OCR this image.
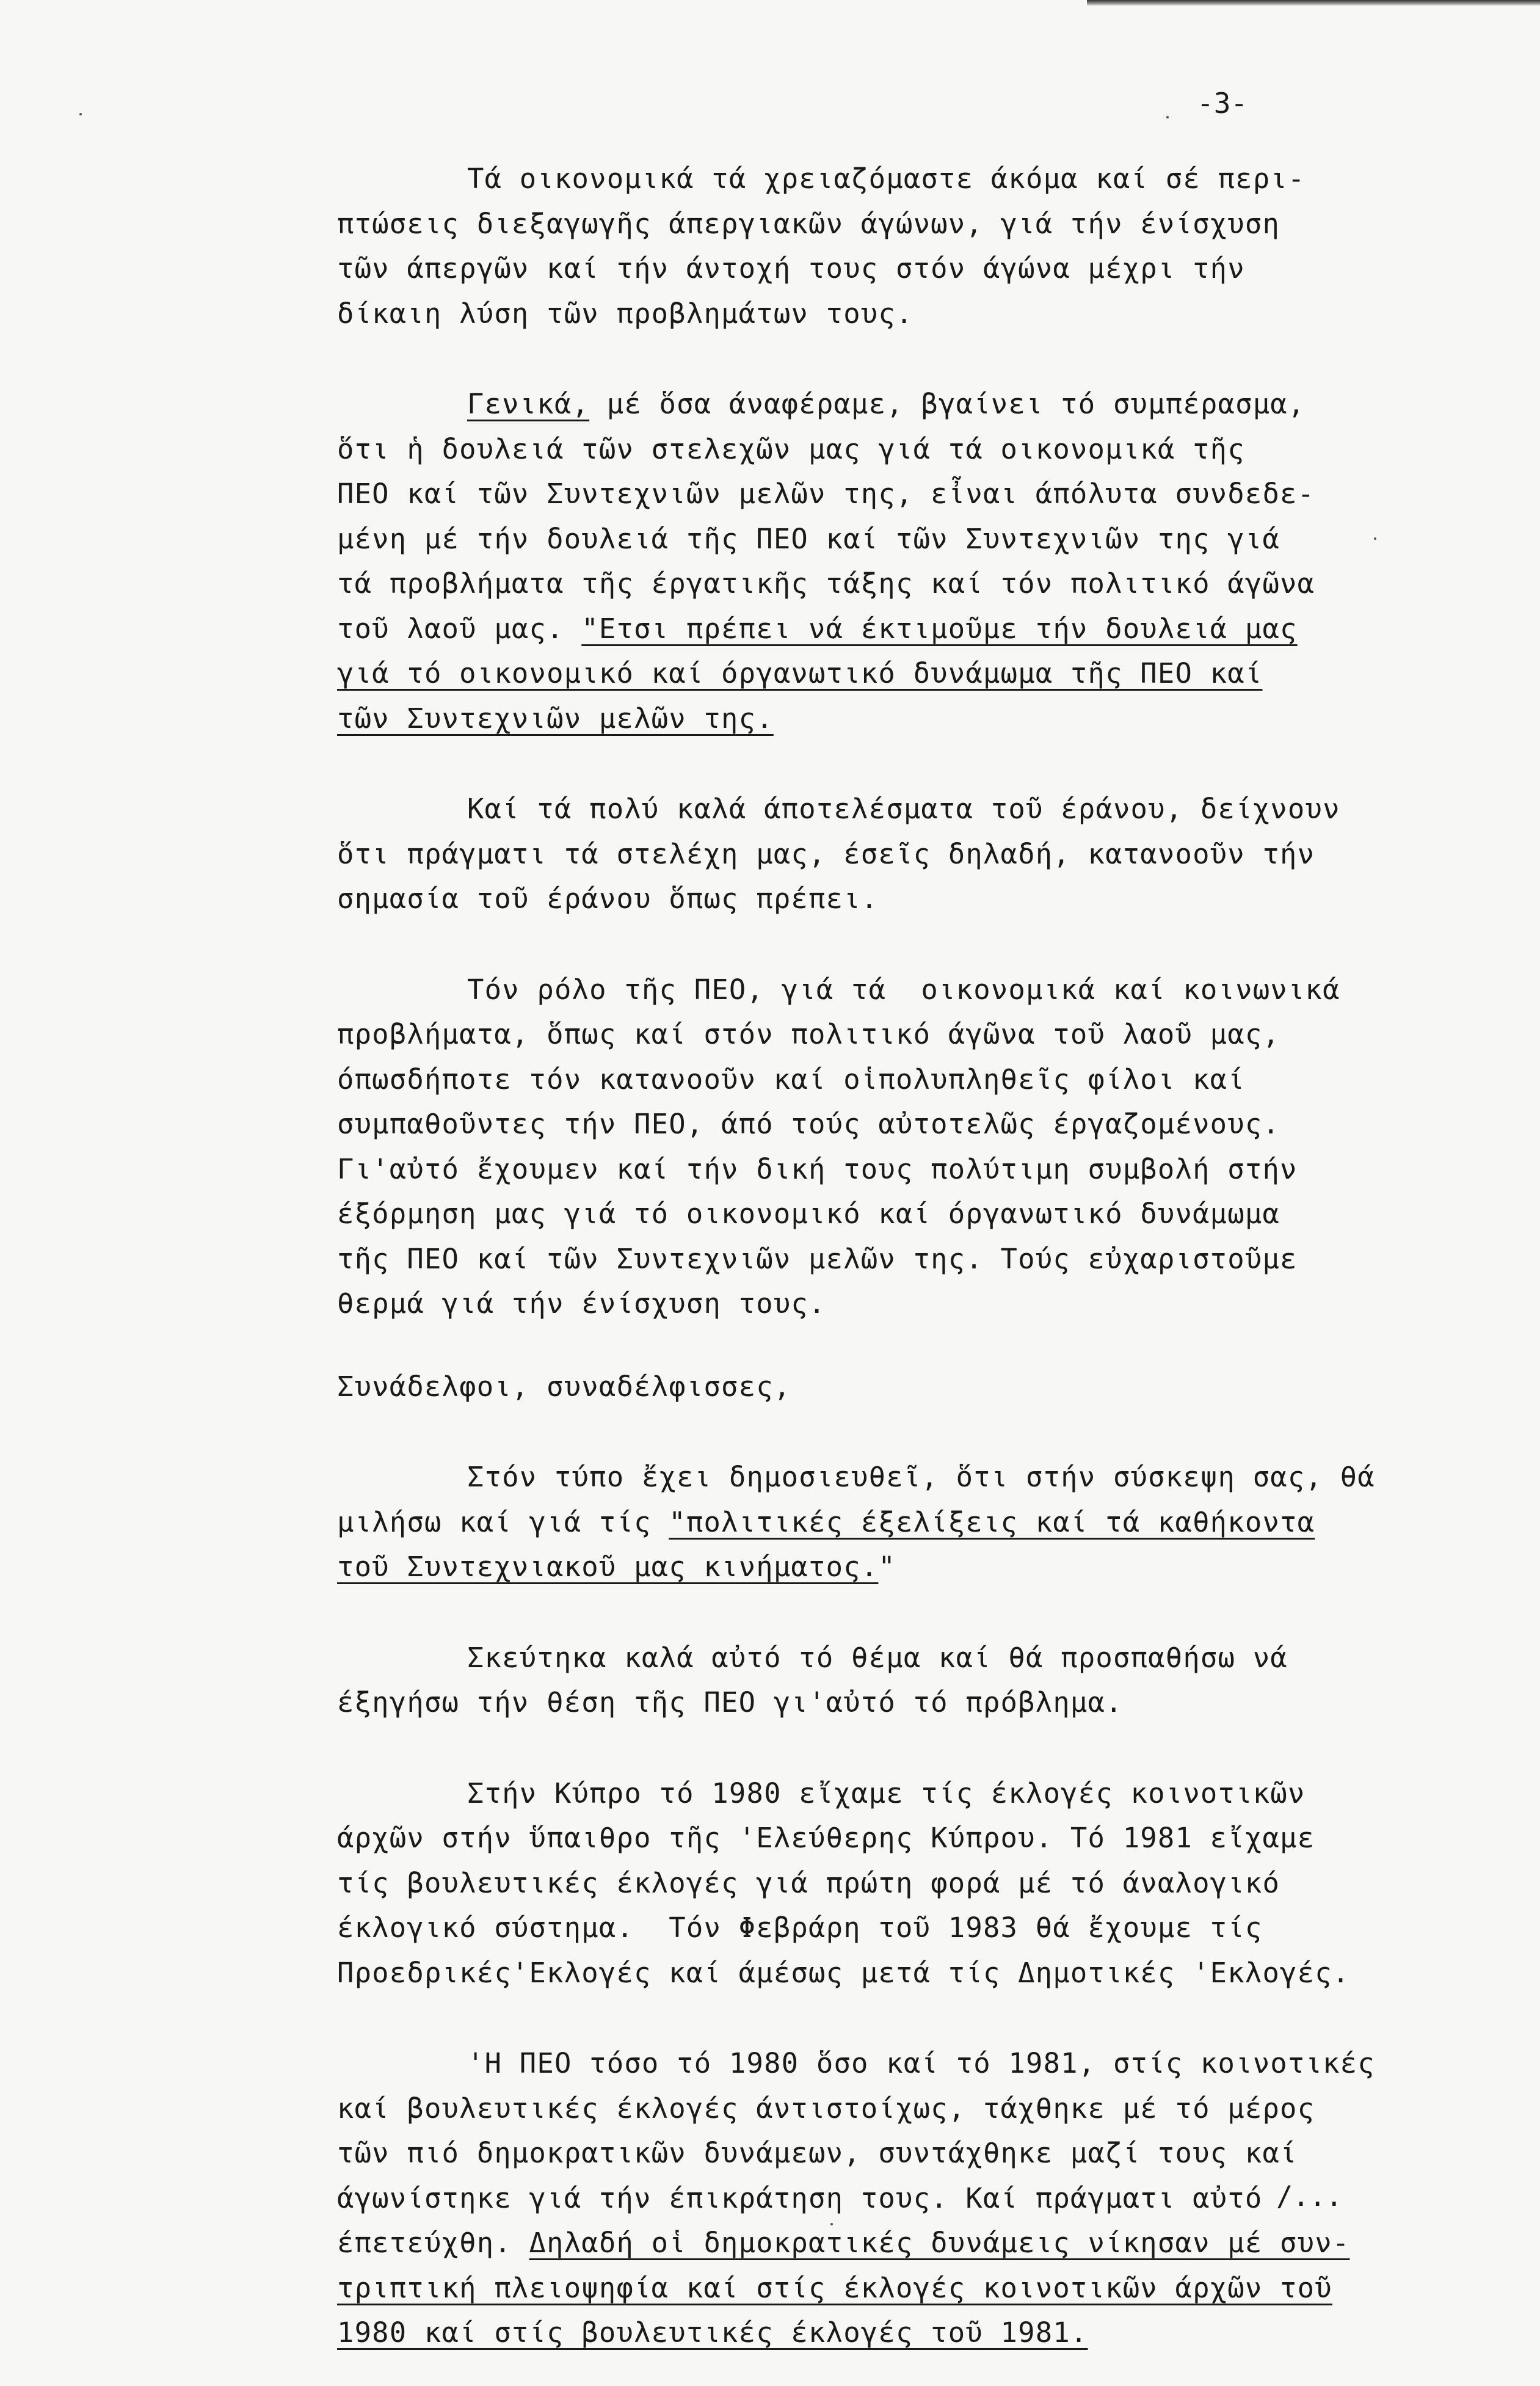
-3-
Τά οικονομικά τά χρειαζόμαστε άκόμα καί σέ περι-
πτώσεις διεξαγωγῆς άπεργιακῶν άγώνων, γιά τήν ένίσχυση
τῶν άπεργῶν καί τήν άντοχή τους στόν άγώνα μέχρι τήν
δίκαιη λύση τῶν προβλημάτων τους.
Γενικά, μέ ὅσα άναφέραμε, βγαίνει τό συμπέρασμα,
ὅτι ἡ δουλειά τῶν στελεχῶν μας γιά τά οικονομικά τῆς
ΠΕΟ καί τῶν Συντεχνιῶν μελῶν της, εἶναι άπόλυτα συνδεδε-
μένη μέ τήν δουλειά τῆς ΠΕΟ καί τῶν Συντεχνιῶν της γιά
τά προβλήματα τῆς έργατικῆς τάξης καί τόν πολιτικό άγῶνα
τοῦ λαοῦ μας. "Ετσι πρέπει νά έκτιμοῦμε τήν δουλειά μας
γιά τό οικονομικό καί όργανωτικό δυνάμωμα τῆς ΠΕΟ καί
τῶν Συντεχνιῶν μελῶν της.
Καί τά πολύ καλά άποτελέσματα τοῦ έράνου, δείχνουν
ὅτι πράγματι τά στελέχη μας, έσεῖς δηλαδή, κατανοοῦν τήν
σημασία τοῦ έράνου ὅπως πρέπει.
Τόν ρόλο τῆς ΠΕΟ, γιά τά  οικονομικά καί κοινωνικά
προβλήματα, ὅπως καί στόν πολιτικό άγῶνα τοῦ λαοῦ μας,
όπωσδήποτε τόν κατανοοῦν καί οἱπολυπληθεῖς φίλοι καί
συμπαθοῦντες τήν ΠΕΟ, άπό τούς αὐτοτελῶς έργαζομένους.
Γι'αὐτό ἔχουμεν καί τήν δική τους πολύτιμη συμβολή στήν
έξόρμηση μας γιά τό οικονομικό καί όργανωτικό δυνάμωμα
τῆς ΠΕΟ καί τῶν Συντεχνιῶν μελῶν της. Τούς εὐχαριστοῦμε
θερμά γιά τήν ένίσχυση τους.
Συνάδελφοι, συναδέλφισσες,
Στόν τύπο ἔχει δημοσιευθεῖ, ὅτι στήν σύσκεψη σας, θά
μιλήσω καί γιά τίς "πολιτικές έξελίξεις καί τά καθήκοντα
τοῦ Συντεχνιακοῦ μας κινήματος."
Σκεύτηκα καλά αὐτό τό θέμα καί θά προσπαθήσω νά
έξηγήσω τήν θέση τῆς ΠΕΟ γι'αὐτό τό πρόβλημα.
Στήν Κύπρο τό 1980 εἴχαμε τίς έκλογές κοινοτικῶν
άρχῶν στήν ὕπαιθρο τῆς 'Ελεύθερης Κύπρου. Τό 1981 εἴχαμε
τίς βουλευτικές έκλογές γιά πρώτη φορά μέ τό άναλογικό
έκλογικό σύστημα.  Τόν Φεβράρη τοῦ 1983 θά ἔχουμε τίς
Προεδρικές'Εκλογές καί άμέσως μετά τίς Δημοτικές 'Εκλογές.
'Η ΠΕΟ τόσο τό 1980 ὅσο καί τό 1981, στίς κοινοτικές
καί βουλευτικές έκλογές άντιστοίχως, τάχθηκε μέ τό μέρος
τῶν πιό δημοκρατικῶν δυνάμεων, συντάχθηκε μαζί τους καί
άγωνίστηκε γιά τήν έπικράτηση τους. Καί πράγματι αὐτό
έπετεύχθη. Δηλαδή οἱ δημοκρατικές δυνάμεις νίκησαν μέ συν-
τριπτική πλειοψηφία καί στίς έκλογές κοινοτικῶν άρχῶν τοῦ
1980 καί στίς βουλευτικές έκλογές τοῦ 1981.
/...
